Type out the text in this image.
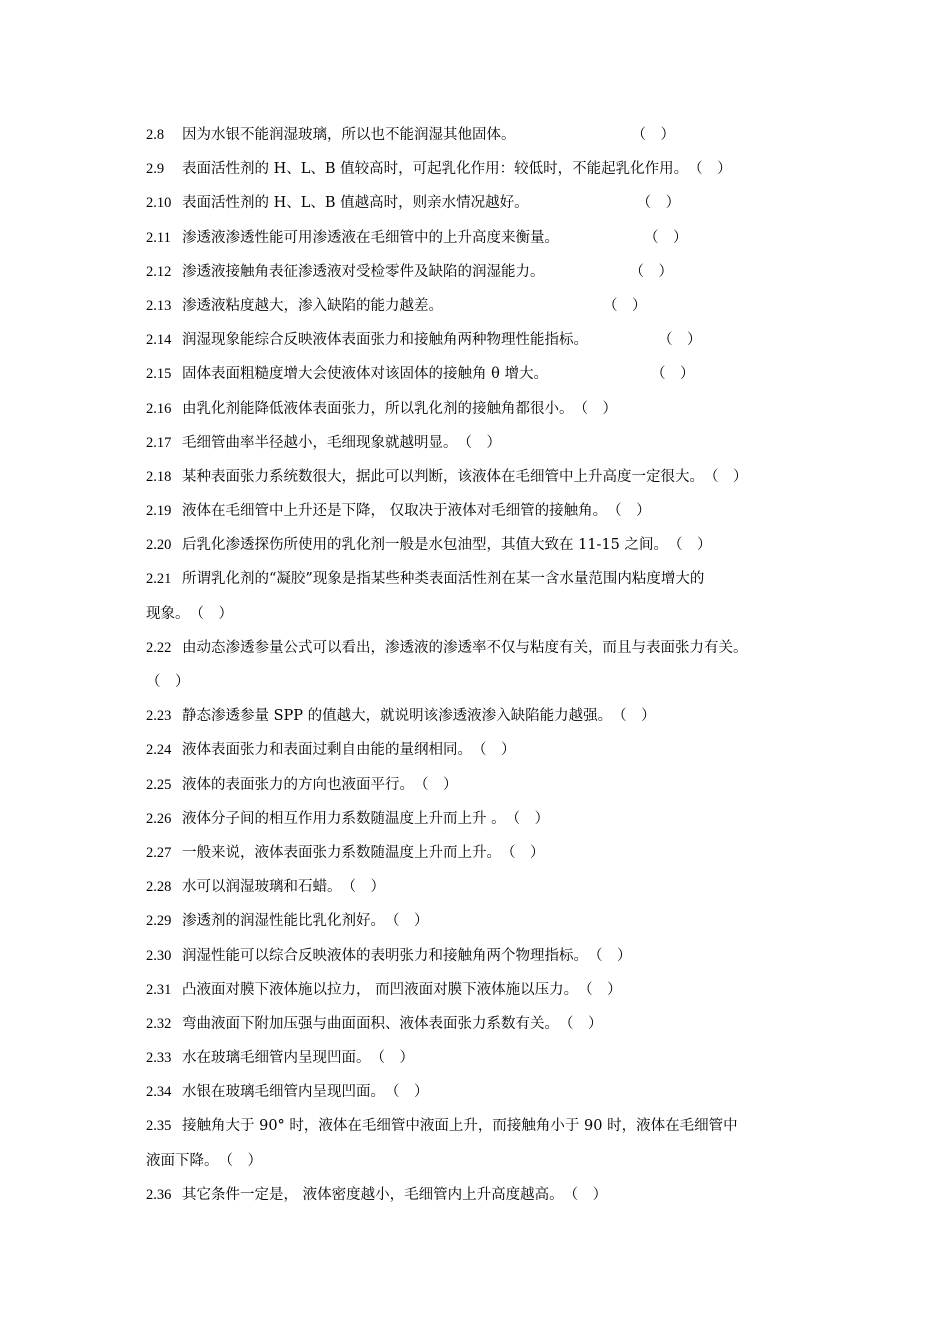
2.8	因为水银不能润湿玻璃，所以也不能润湿其他固体。	（　）
2.9	表面活性剂的 H、L、B 值较高时，可起乳化作用：较低时，不能起乳化作用。 （　）
2.10 表面活性剂的 H、L、B 值越高时，则亲水情况越好。	（　）
2.11 渗透液渗透性能可用渗透液在毛细管中的上升高度来衡量。	（　）
2.12 渗透液接触角表征渗透液对受检零件及缺陷的润湿能力。	（　）
2.13 渗透液粘度越大，渗入缺陷的能力越差。	（　）
2.14 润湿现象能综合反映液体表面张力和接触角两种物理性能指标。	（　）
2.15 固体表面粗糙度增大会使液体对该固体的接触角 θ 增大。	（　）
2.16 由乳化剂能降低液体表面张力，所以乳化剂的接触角都很小。 （　）
2.17 毛细管曲率半径越小，毛细现象就越明显。 （　）
2.18 某种表面张力系统数很大，据此可以判断，该液体在毛细管中上升高度一定很大。 （　）
2.19 液体在毛细管中上升还是下降， 仅取决于液体对毛细管的接触角。 （　）
2.20 后乳化渗透探伤所使用的乳化剂一般是水包油型，其值大致在 11-15 之间。 （　）
2.21 所谓乳化剂的“凝胶”现象是指某些种类表面活性剂在某一含水量范围内粘度增大的
现象。 （　）
2.22 由动态渗透参量公式可以看出，渗透液的渗透率不仅与粘度有关，而且与表面张力有关。
（　）
2.23 静态渗透参量 SPP 的值越大，就说明该渗透液渗入缺陷能力越强。 （　）
2.24 液体表面张力和表面过剩自由能的量纲相同。 （　）
2.25 液体的表面张力的方向也液面平行。 （　）
2.26 液体分子间的相互作用力系数随温度上升而上升 。 （　）
2.27 一般来说，液体表面张力系数随温度上升而上升。 （　）
2.28 水可以润湿玻璃和石蜡。 （　）
2.29 渗透剂的润湿性能比乳化剂好。 （　）
2.30 润湿性能可以综合反映液体的表明张力和接触角两个物理指标。 （　）
2.31 凸液面对膜下液体施以拉力， 而凹液面对膜下液体施以压力。 （　）
2.32 弯曲液面下附加压强与曲面面积、液体表面张力系数有关。 （　）
2.33 水在玻璃毛细管内呈现凹面。 （　）
2.34 水银在玻璃毛细管内呈现凹面。 （　）
2.35 接触角大于 90° 时，液体在毛细管中液面上升，而接触角小于 90 时，液体在毛细管中
液面下降。 （　）
2.36 其它条件一定是， 液体密度越小，毛细管内上升高度越高。 （　）
